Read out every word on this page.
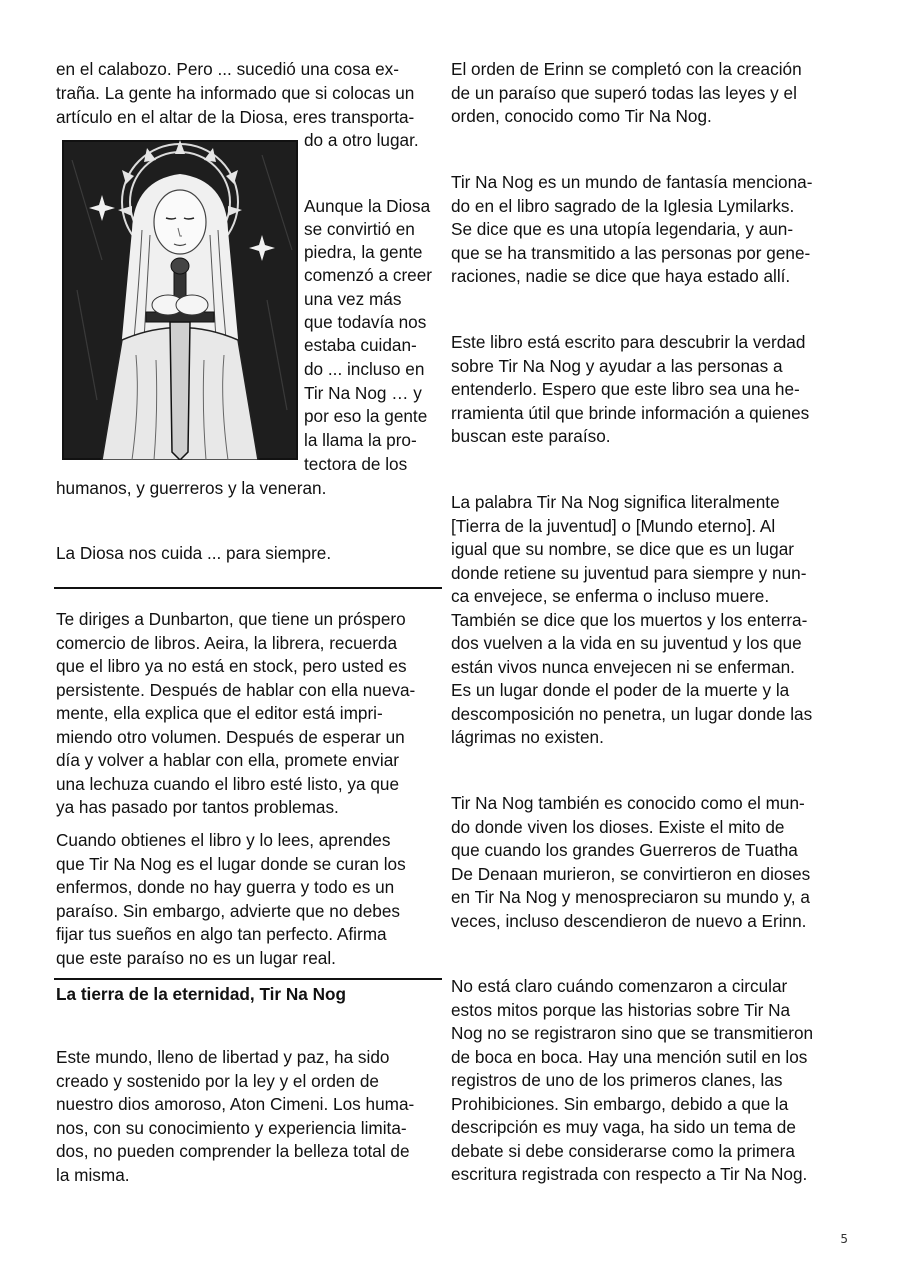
en el calabozo. Pero ... sucedió una cosa ex-

traña. La gente ha informado que si colocas un

artículo en el altar de la Diosa, eres transporta-

do a otro lugar.

Aunque la Diosa

se convirtió en

piedra, la gente

comenzó a creer

una vez más

que todavía nos

estaba cuidan-

do ... incluso en

Tir Na Nog … y

por eso la gente

la llama la pro-

tectora de los

humanos, y guerreros y la veneran.

La Diosa nos cuida ... para siempre.

Te diriges a Dunbarton, que tiene un próspero

comercio de libros. Aeira, la librera, recuerda

que el libro ya no está en stock, pero usted es

persistente. Después de hablar con ella nueva-

mente, ella explica que el editor está impri-

miendo otro volumen. Después de esperar un

día y volver a hablar con ella, promete enviar

una lechuza cuando el libro esté listo, ya que

ya has pasado por tantos problemas.

Cuando obtienes el libro y lo lees, aprendes

que Tir Na Nog es el lugar donde se curan los

enfermos, donde no hay guerra y todo es un

paraíso. Sin embargo, advierte que no debes

fijar tus sueños en algo tan perfecto. Afirma

que este paraíso no es un lugar real.

La tierra de la eternidad, Tir Na Nog

Este mundo, lleno de libertad y paz, ha sido

creado y sostenido por la ley y el orden de

nuestro dios amoroso, Aton Cimeni. Los huma-

nos, con su conocimiento y experiencia limita-

dos, no pueden comprender la belleza total de

la misma.

El orden de Erinn se completó con la creación

de un paraíso que superó todas las leyes y el

orden, conocido como Tir Na Nog.

Tir Na Nog es un mundo de fantasía menciona-

do en el libro sagrado de la Iglesia Lymilarks.

Se dice que es una utopía legendaria, y aun-

que se ha transmitido a las personas por gene-

raciones, nadie se dice que haya estado allí.

Este libro está escrito para descubrir la verdad

sobre Tir Na Nog y ayudar a las personas a

entenderlo. Espero que este libro sea una he-

rramienta útil que brinde información a quienes

buscan este paraíso.

La palabra Tir Na Nog significa literalmente

[Tierra de la juventud] o [Mundo eterno]. Al

igual que su nombre, se dice que es un lugar

donde retiene su juventud para siempre y nun-

ca envejece, se enferma o incluso muere.

También se dice que los muertos y los enterra-

dos vuelven a la vida en su juventud y los que

están vivos nunca envejecen ni se enferman.

Es un lugar donde el poder de la muerte y la

descomposición no penetra, un lugar donde las

lágrimas no existen.

Tir Na Nog también es conocido como el mun-

do donde viven los dioses. Existe el mito de

que cuando los grandes Guerreros de Tuatha

De Denaan murieron, se convirtieron en dioses

en Tir Na Nog y menospreciaron su mundo y, a

veces, incluso descendieron de nuevo a Erinn.

No está claro cuándo comenzaron a circular

estos mitos porque las historias sobre Tir Na

Nog no se registraron sino que se transmitieron

de boca en boca. Hay una mención sutil en los

registros de uno de los primeros clanes, las

Prohibiciones. Sin embargo, debido a que la

descripción es muy vaga, ha sido un tema de

debate si debe considerarse como la primera

escritura registrada con respecto a Tir Na Nog.

5
